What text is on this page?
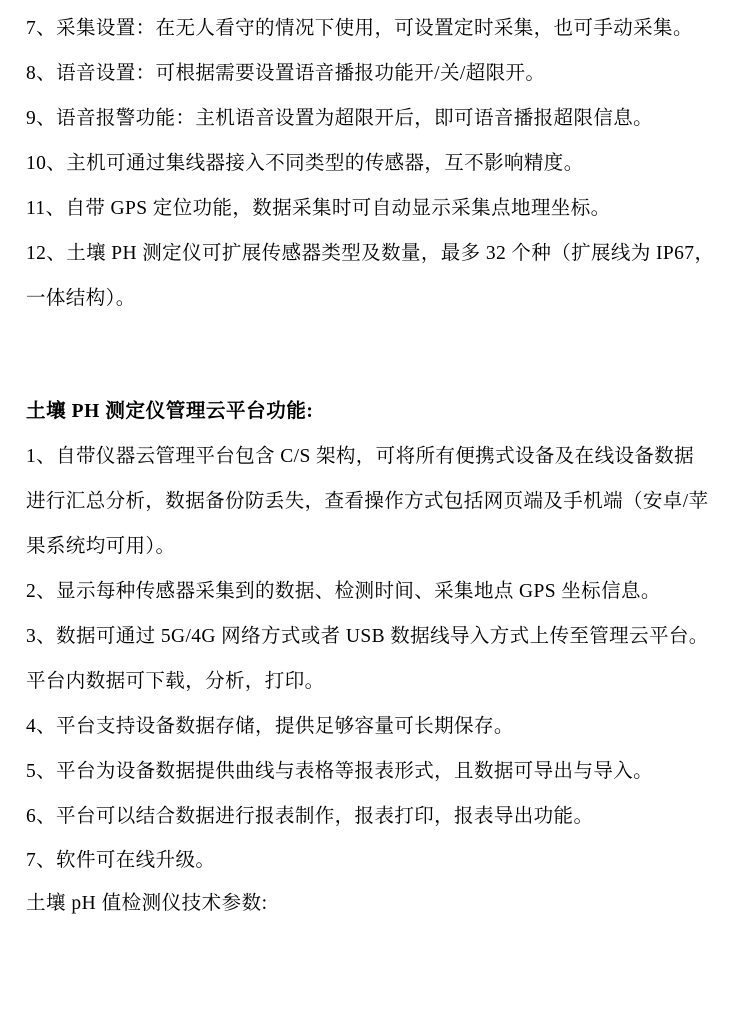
7、采集设置：在无人看守的情况下使用，可设置定时采集，也可手动采集。

8、语音设置：可根据需要设置语音播报功能开/关/超限开。

9、语音报警功能：主机语音设置为超限开后，即可语音播报超限信息。

10、主机可通过集线器接入不同类型的传感器，互不影响精度。

11、自带 GPS 定位功能，数据采集时可自动显示采集点地理坐标。

12、土壤 PH 测定仪可扩展传感器类型及数量，最多 32 个种（扩展线为 IP67，

一体结构）。

土壤 PH 测定仪管理云平台功能:

1、自带仪器云管理平台包含 C/S 架构，可将所有便携式设备及在线设备数据

进行汇总分析，数据备份防丢失，查看操作方式包括网页端及手机端（安卓/苹

果系统均可用）。

2、显示每种传感器采集到的数据、检测时间、采集地点 GPS 坐标信息。

3、数据可通过 5G/4G 网络方式或者 USB 数据线导入方式上传至管理云平台。

平台内数据可下载，分析，打印。

4、平台支持设备数据存储，提供足够容量可长期保存。

5、平台为设备数据提供曲线与表格等报表形式，且数据可导出与导入。

6、平台可以结合数据进行报表制作，报表打印，报表导出功能。

7、软件可在线升级。

土壤 pH 值检测仪技术参数:
